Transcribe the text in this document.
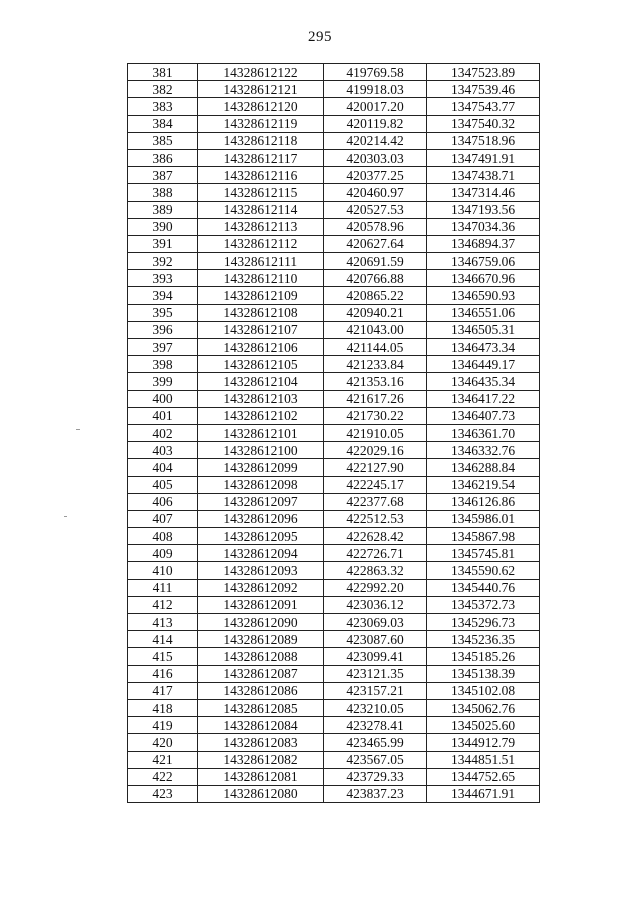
295
381	14328612122	419769.58	1347523.89
382	14328612121	419918.03	1347539.46
383	14328612120	420017.20	1347543.77
384	14328612119	420119.82	1347540.32
385	14328612118	420214.42	1347518.96
386	14328612117	420303.03	1347491.91
387	14328612116	420377.25	1347438.71
388	14328612115	420460.97	1347314.46
389	14328612114	420527.53	1347193.56
390	14328612113	420578.96	1347034.36
391	14328612112	420627.64	1346894.37
392	14328612111	420691.59	1346759.06
393	14328612110	420766.88	1346670.96
394	14328612109	420865.22	1346590.93
395	14328612108	420940.21	1346551.06
396	14328612107	421043.00	1346505.31
397	14328612106	421144.05	1346473.34
398	14328612105	421233.84	1346449.17
399	14328612104	421353.16	1346435.34
400	14328612103	421617.26	1346417.22
401	14328612102	421730.22	1346407.73
402	14328612101	421910.05	1346361.70
403	14328612100	422029.16	1346332.76
404	14328612099	422127.90	1346288.84
405	14328612098	422245.17	1346219.54
406	14328612097	422377.68	1346126.86
407	14328612096	422512.53	1345986.01
408	14328612095	422628.42	1345867.98
409	14328612094	422726.71	1345745.81
410	14328612093	422863.32	1345590.62
411	14328612092	422992.20	1345440.76
412	14328612091	423036.12	1345372.73
413	14328612090	423069.03	1345296.73
414	14328612089	423087.60	1345236.35
415	14328612088	423099.41	1345185.26
416	14328612087	423121.35	1345138.39
417	14328612086	423157.21	1345102.08
418	14328612085	423210.05	1345062.76
419	14328612084	423278.41	1345025.60
420	14328612083	423465.99	1344912.79
421	14328612082	423567.05	1344851.51
422	14328612081	423729.33	1344752.65
423	14328612080	423837.23	1344671.91
